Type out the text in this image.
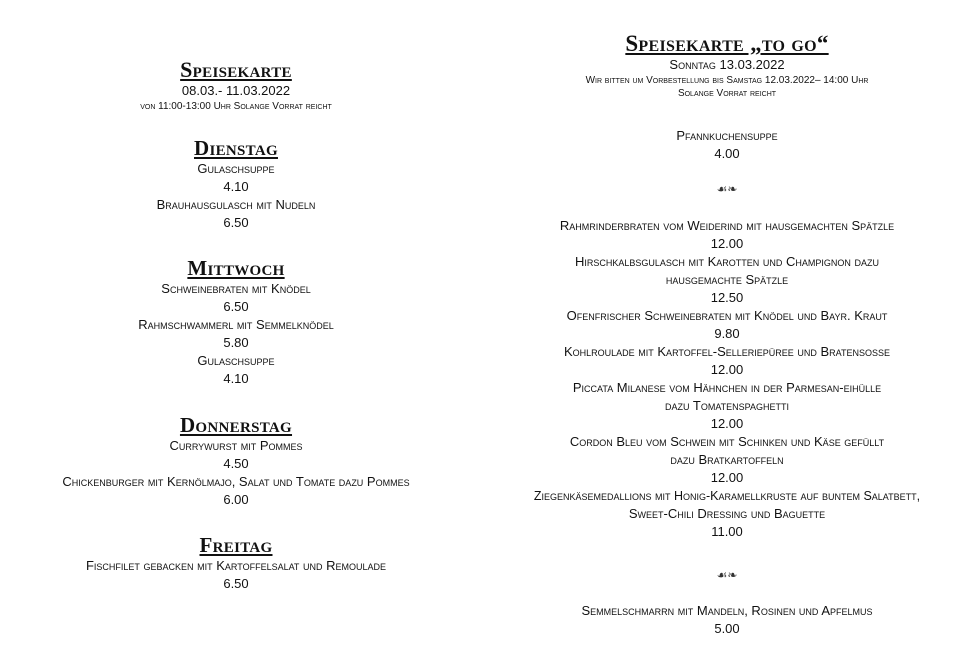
Speisekarte
08.03.- 11.03.2022
von 11:00-13:00 Uhr Solange Vorrat reicht
Dienstag
Gulaschsuppe
4.10
Brauhausgulasch mit Nudeln
6.50
Mittwoch
Schweinebraten mit Knödel
6.50
Rahmschwammerl mit Semmelknödel
5.80
Gulaschsuppe
4.10
Donnerstag
Currywurst mit Pommes
4.50
Chickenburger mit Kernölmajo, Salat und Tomate dazu Pommes
6.00
Freitag
Fischfilet gebacken mit Kartoffelsalat und Remoulade
6.50
Speisekarte „to go“
Sonntag 13.03.2022
Wir bitten um Vorbestellung bis Samstag 12.03.2022– 14:00 Uhr
Solange Vorrat reicht
Pfannkuchensuppe
4.00
☙❧
Rahmrinderbraten vom Weiderind mit hausgemachten Spätzle
12.00
Hirschkalbsgulasch mit Karotten und Champignon dazu
hausgemachte Spätzle
12.50
Ofenfrischer Schweinebraten mit Knödel und Bayr. Kraut
9.80
Kohlroulade mit Kartoffel-Selleriepüree und Bratensoße
12.00
Piccata Milanese vom Hähnchen in der Parmesan-eihülle
dazu Tomatenspaghetti
12.00
Cordon Bleu vom Schwein mit Schinken und Käse gefüllt
dazu Bratkartoffeln
12.00
Ziegenkäsemedallions mit Honig-Karamellkruste auf buntem Salatbett,
Sweet-Chili Dressing und Baguette
11.00
☙❧
Semmelschmarrn mit Mandeln, Rosinen und Apfelmus
5.00
